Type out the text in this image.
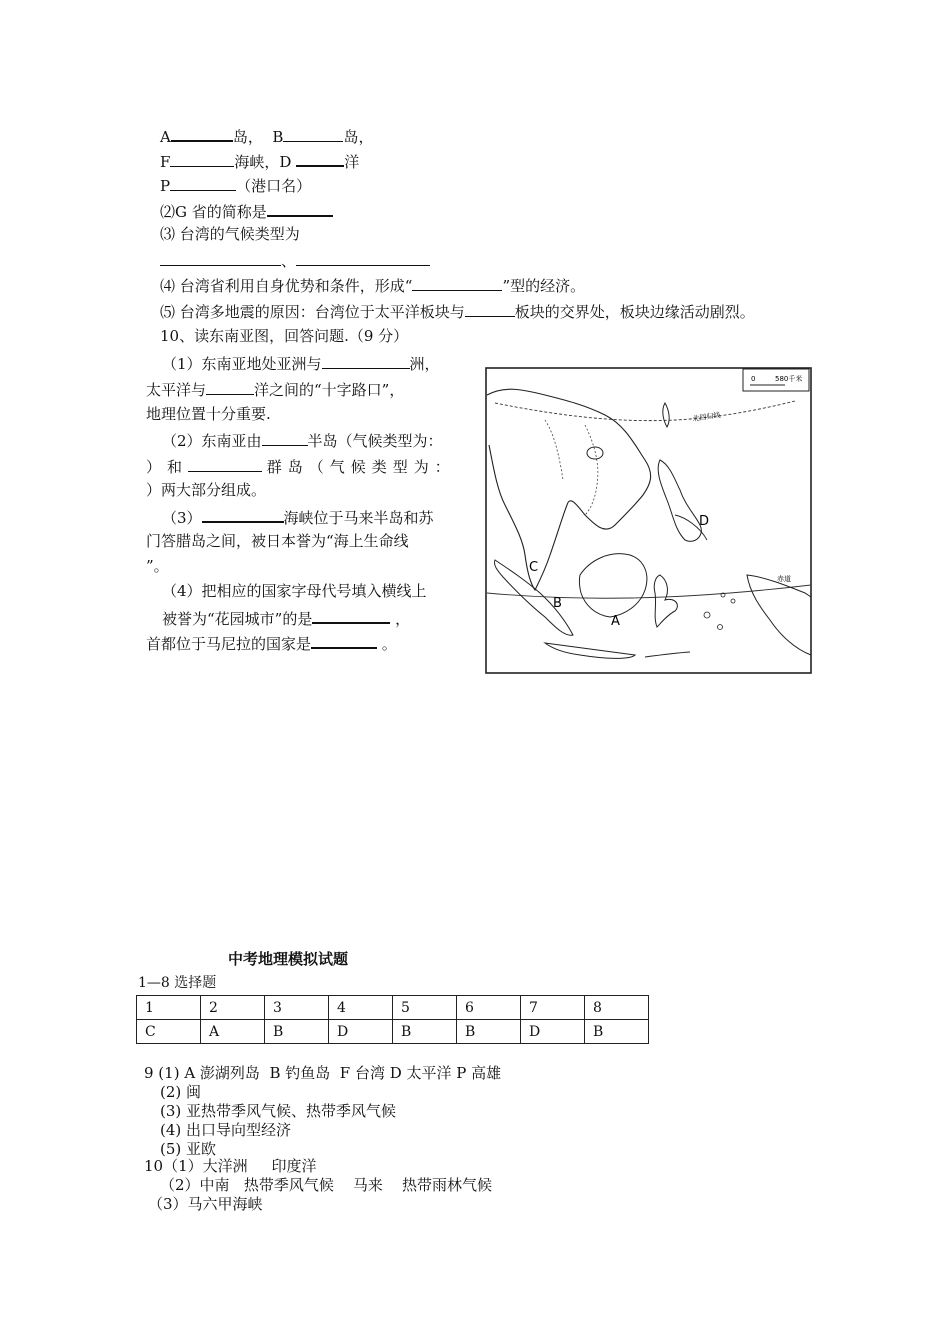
A	岛， B	岛，
F	海峡，D	洋
P	（港口名）
⑵G 省的简称是
⑶ 台湾的气候类型为
、
⑷ 台湾省利用自身优势和条件，形成“	”型的经济。
⑸ 台湾多地震的原因：台湾位于太平洋板块与	板块的交界处，板块边缘活动剧烈。
10、读东南亚图，回答问题.（9 分）
（1）东南亚地处亚洲与	洲，
太平洋与	洋之间的“十字路口”，
地理位置十分重要.
（2）东南亚由	半岛（气候类型为：
）和	群岛（气候类型为：
）两大部分组成。
（3）	海峡位于马来半岛和苏
门答腊岛之间，被日本誉为“海上生命线
”。
（4）把相应的国家字母代号填入横线上
被誉为“花园城市”的是	，
首都位于马尼拉的国家是	。
0	580千米
北回归线
赤道
C
B
A
D
中考地理模拟试题
1—8 选择题
1	2	3	4	5	6	7	8
C	A	B	D	B	B	D	B
9 (1) A 澎湖列岛  B 钓鱼岛  F 台湾 D 太平洋 P 高雄
(2) 闽
(3) 亚热带季风气候、热带季风气候
(4) 出口导向型经济
(5) 亚欧
10（1）大洋洲     印度洋
（2）中南   热带季风气候    马来    热带雨林气候
（3）马六甲海峡
